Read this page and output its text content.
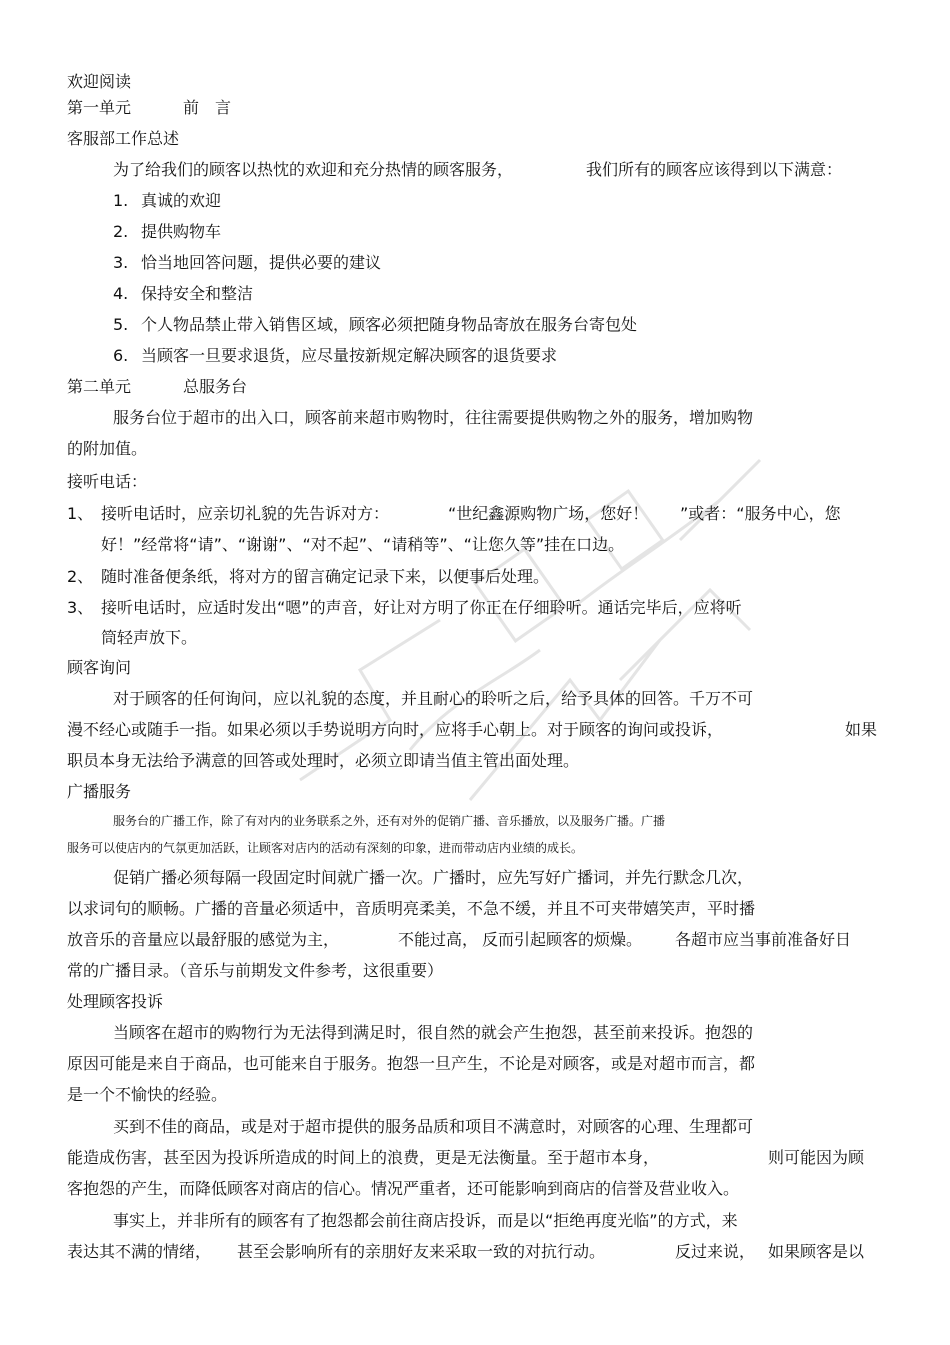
欢迎阅读
第一单元	前　言
客服部工作总述
为了给我们的顾客以热忱的欢迎和充分热情的顾客服务，	我们所有的顾客应该得到以下满意：
1. 真诚的欢迎
2. 提供购物车
3. 恰当地回答问题，提供必要的建议
4. 保持安全和整洁
5. 个人物品禁止带入销售区域，顾客必须把随身物品寄放在服务台寄包处
6. 当顾客一旦要求退货，应尽量按新规定解决顾客的退货要求
第二单元	总服务台
服务台位于超市的出入口，顾客前来超市购物时，往往需要提供购物之外的服务，增加购物
的附加值。
接听电话：
1、 接听电话时，应亲切礼貌的先告诉对方：	“世纪鑫源购物广场，您好！ ”或者：“服务中心，您
好！”经常将“请”、“谢谢”、“对不起”、“请稍等”、“让您久等”挂在口边。
2、 随时准备便条纸，将对方的留言确定记录下来，以便事后处理。
3、 接听电话时，应适时发出“嗯”的声音，好让对方明了你正在仔细聆听。通话完毕后，应将听
筒轻声放下。
顾客询问
对于顾客的任何询问，应以礼貌的态度，并且耐心的聆听之后，给予具体的回答。千万不可
漫不经心或随手一指。如果必须以手势说明方向时，应将手心朝上。对于顾客的询问或投诉，	如果
职员本身无法给予满意的回答或处理时，必须立即请当值主管出面处理。
广播服务
服务台的广播工作，除了有对内的业务联系之外，还有对外的促销广播、音乐播放，以及服务广播。广播
服务可以使店内的气氛更加活跃，让顾客对店内的活动有深刻的印象，进而带动店内业绩的成长。
促销广播必须每隔一段固定时间就广播一次。广播时，应先写好广播词，并先行默念几次，
以求词句的顺畅。广播的音量必须适中，音质明亮柔美，不急不缓，并且不可夹带嬉笑声，平时播
放音乐的音量应以最舒服的感觉为主，	不能过高， 反而引起顾客的烦燥。 各超市应当事前准备好日
常的广播目录。（音乐与前期发文件参考，这很重要）
处理顾客投诉
当顾客在超市的购物行为无法得到满足时，很自然的就会产生抱怨，甚至前来投诉。抱怨的
原因可能是来自于商品，也可能来自于服务。抱怨一旦产生，不论是对顾客，或是对超市而言，都
是一个不愉快的经验。
买到不佳的商品，或是对于超市提供的服务品质和项目不满意时，对顾客的心理、生理都可
能造成伤害，甚至因为投诉所造成的时间上的浪费，更是无法衡量。至于超市本身，	则可能因为顾
客抱怨的产生，而降低顾客对商店的信心。情况严重者，还可能影响到商店的信誉及营业收入。
事实上，并非所有的顾客有了抱怨都会前往商店投诉，而是以“拒绝再度光临”的方式，来
表达其不满的情绪， 甚至会影响所有的亲朋好友来采取一致的对抗行动。	反过来说， 如果顾客是以
